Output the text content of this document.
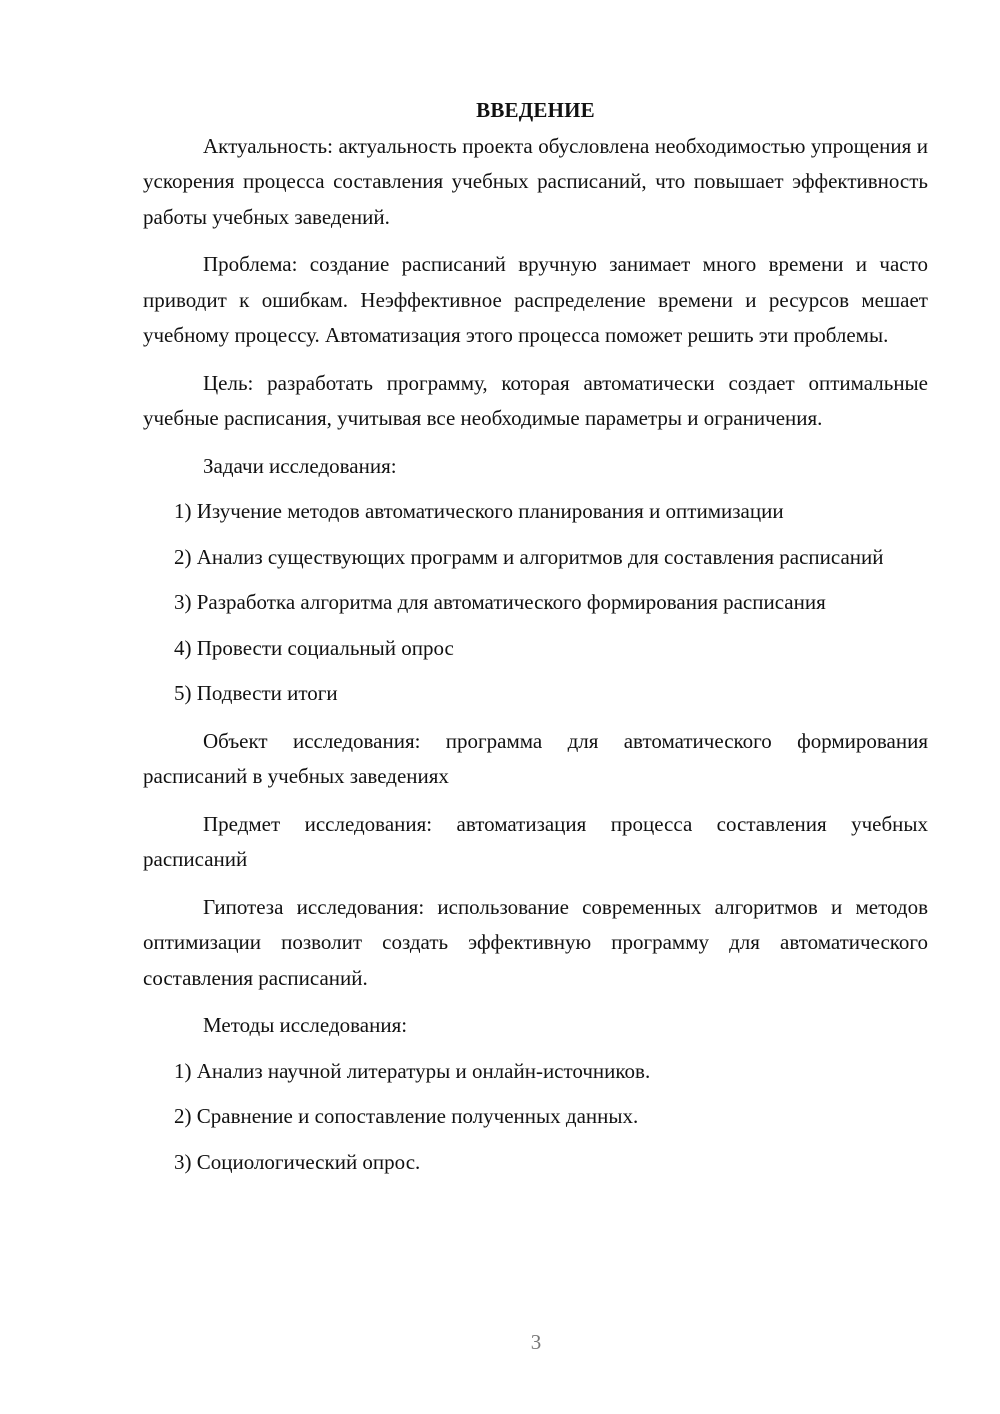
ВВЕДЕНИЕ

Актуальность: актуальность проекта обусловлена необходимостью упрощения и ускорения процесса составления учебных расписаний, что повышает эффективность работы учебных заведений.

Проблема: создание расписаний вручную занимает много времени и часто приводит к ошибкам. Неэффективное распределение времени и ресурсов мешает учебному процессу. Автоматизация этого процесса поможет решить эти проблемы.

Цель: разработать программу, которая автоматически создает оптимальные учебные расписания, учитывая все необходимые параметры и ограничения.

Задачи исследования:

1) Изучение методов автоматического планирования и оптимизации

2) Анализ существующих программ и алгоритмов для составления расписаний

3) Разработка алгоритма для автоматического формирования расписания

4) Провести социальный опрос

5) Подвести итоги

Объект исследования: программа для автоматического формирования расписаний в учебных заведениях

Предмет исследования: автоматизация процесса составления учебных расписаний

Гипотеза исследования: использование современных алгоритмов и методов оптимизации позволит создать эффективную программу для автоматического составления расписаний.

Методы исследования:

1) Анализ научной литературы и онлайн-источников.

2) Сравнение и сопоставление полученных данных.

3) Социологический опрос.

3
